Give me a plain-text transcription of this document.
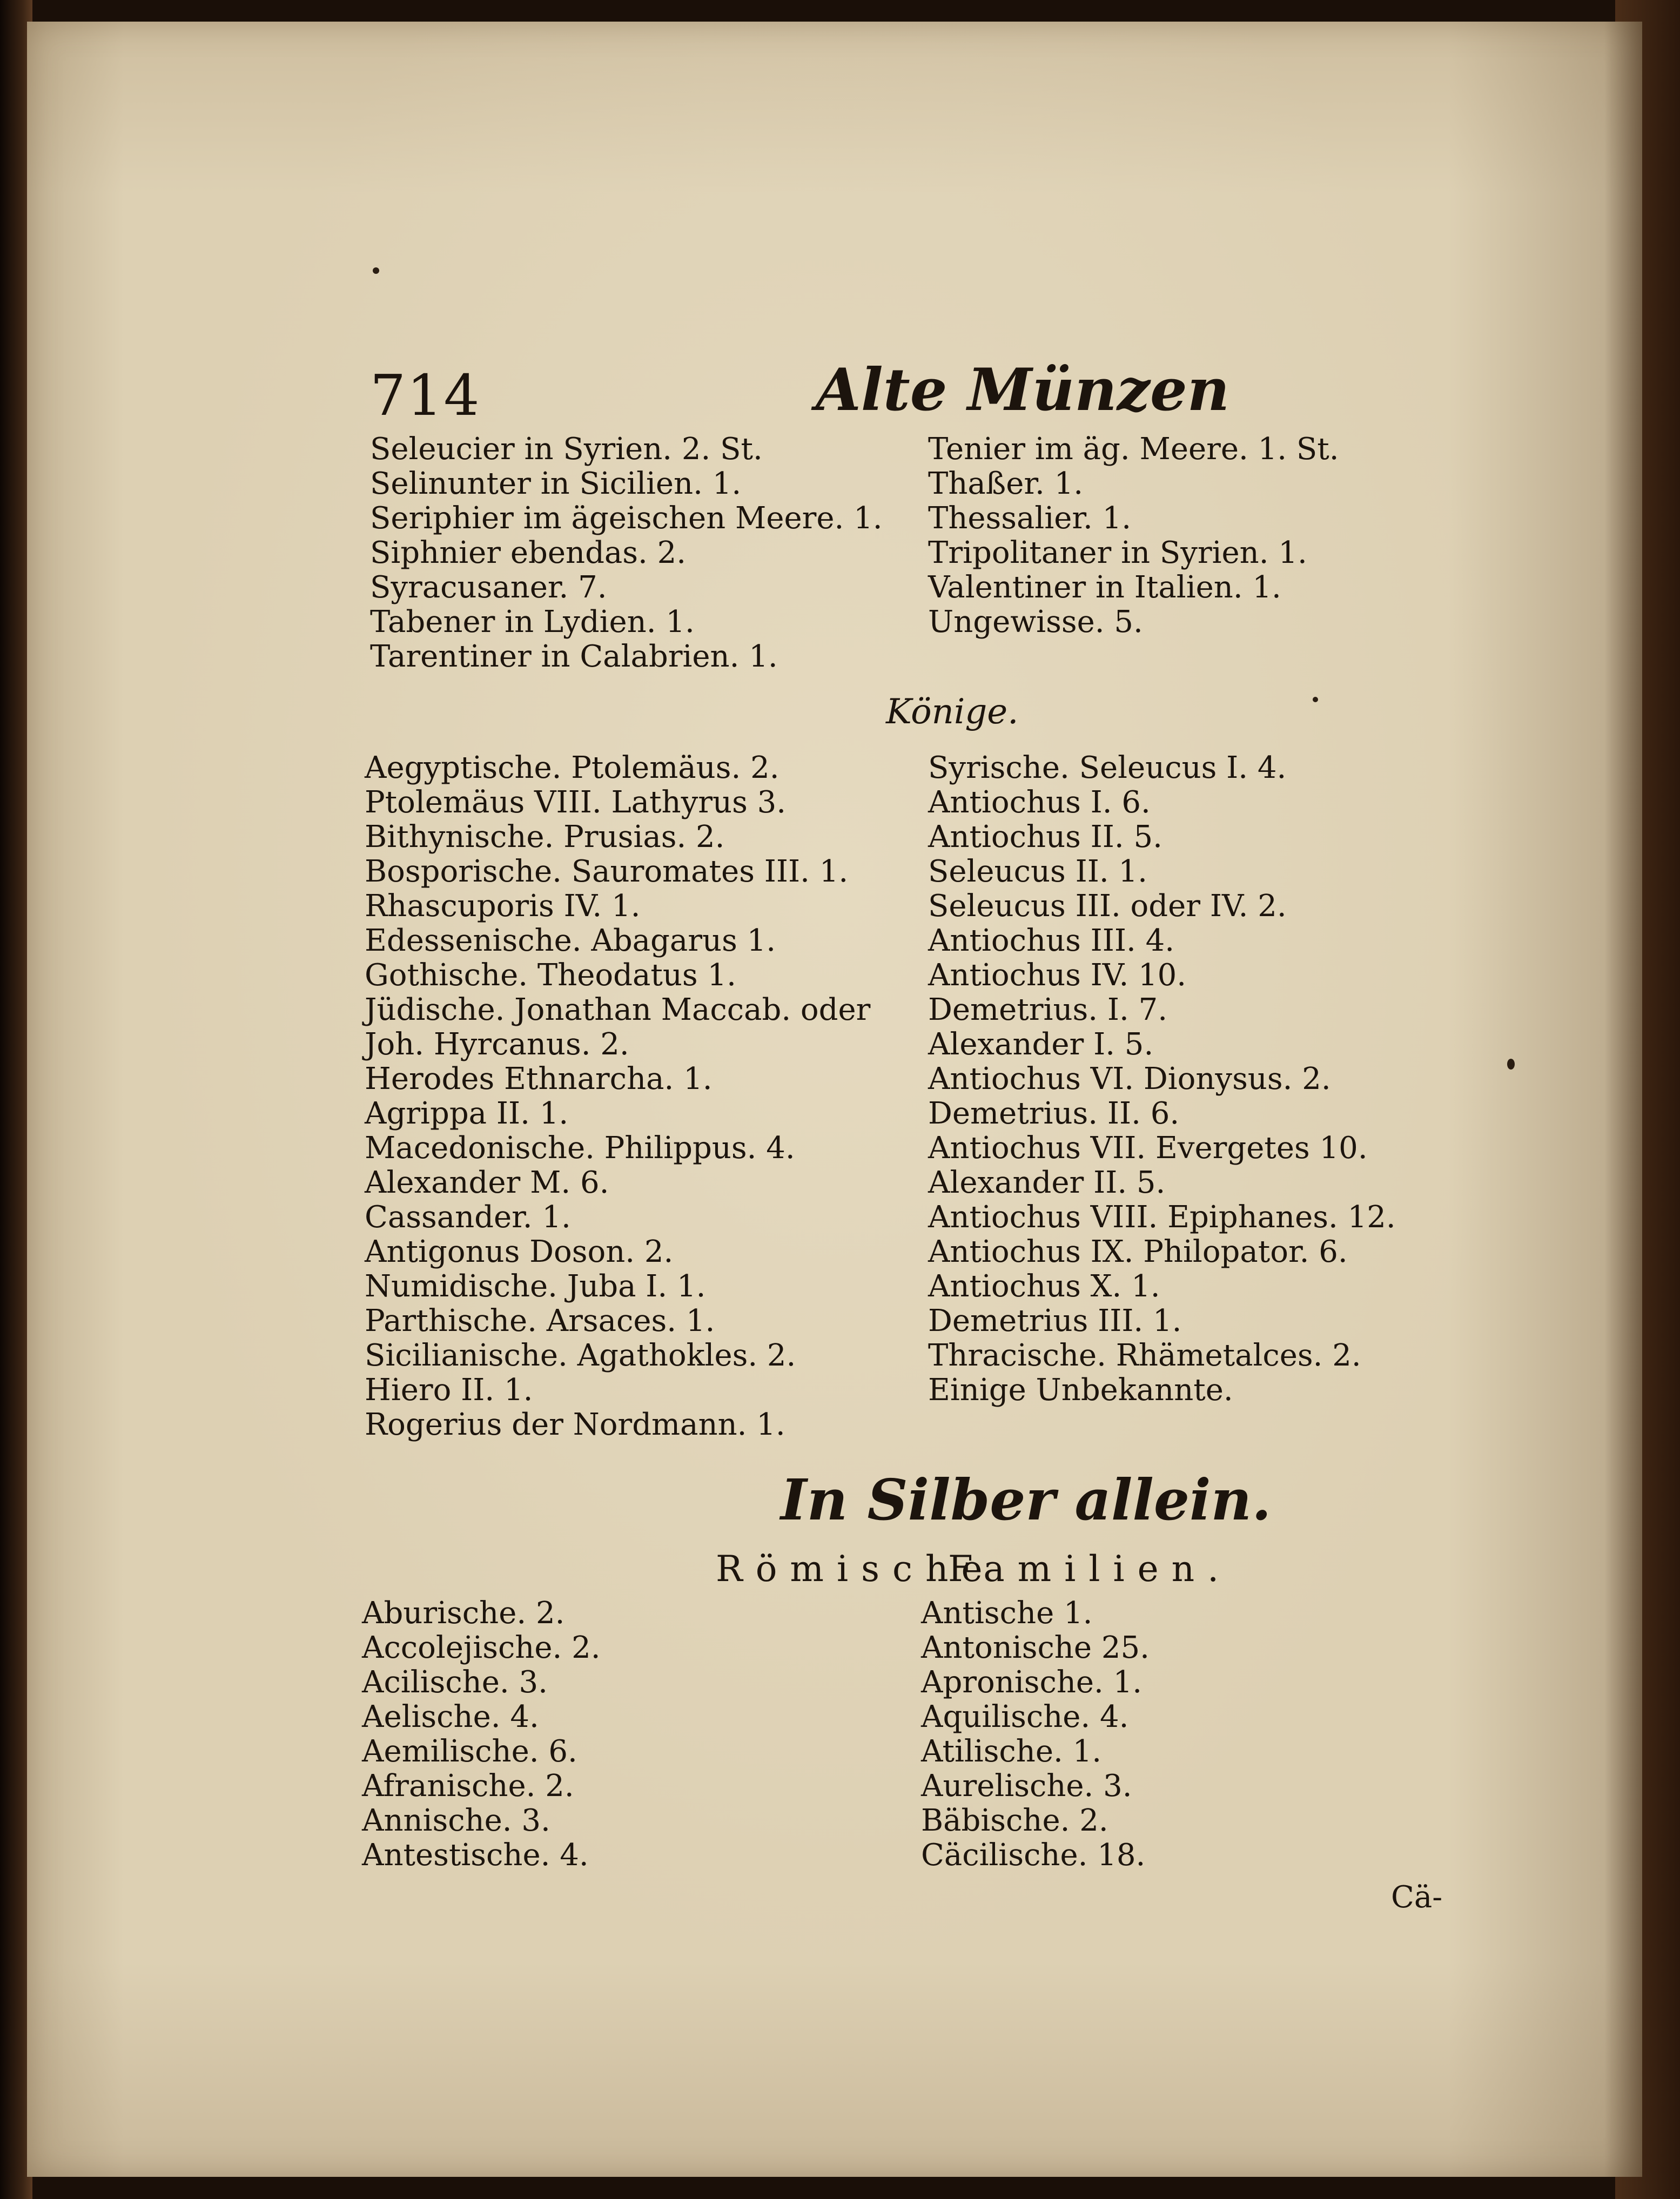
714	Alte Münzen
Seleucier in Syrien. 2. St.
Selinunter in Sicilien. 1.
Seriphier im ägeischen Meere. 1.
Siphnier ebendas. 2.
Syracusaner. 7.
Tabener in Lydien. 1.
Tarentiner in Calabrien. 1.
Tenier im äg. Meere. 1. St.
Thaßer. 1.
Thessalier. 1.
Tripolitaner in Syrien. 1.
Valentiner in Italien. 1.
Ungewisse. 5.
Könige.
Aegyptische. Ptolemäus. 2.
Ptolemäus VIII. Lathyrus 3.
Bithynische. Prusias. 2.
Bosporische. Sauromates III. 1.
Rhascuporis IV. 1.
Edessenische. Abagarus 1.
Gothische. Theodatus 1.
Jüdische. Jonathan Maccab. oder
Joh. Hyrcanus. 2.
Herodes Ethnarcha. 1.
Agrippa II. 1.
Macedonische. Philippus. 4.
Alexander M. 6.
Cassander. 1.
Antigonus Doson. 2.
Numidische. Juba I. 1.
Parthische. Arsaces. 1.
Sicilianische. Agathokles. 2.
Hiero II. 1.
Rogerius der Nordmann. 1.
Syrische. Seleucus I. 4.
Antiochus I. 6.
Antiochus II. 5.
Seleucus II. 1.
Seleucus III. oder IV. 2.
Antiochus III. 4.
Antiochus IV. 10.
Demetrius. I. 7.
Alexander I. 5.
Antiochus VI. Dionysus. 2.
Demetrius. II. 6.
Antiochus VII. Evergetes 10.
Alexander II. 5.
Antiochus VIII. Epiphanes. 12.
Antiochus IX. Philopator. 6.
Antiochus X. 1.
Demetrius III. 1.
Thracische. Rhämetalces. 2.
Einige Unbekannte.
In Silber allein.
Römische
Familien.
Aburische. 2.
Accolejische. 2.
Acilische. 3.
Aelische. 4.
Aemilische. 6.
Afranische. 2.
Annische. 3.
Antestische. 4.
Antische 1.
Antonische 25.
Apronische. 1.
Aquilische. 4.
Atilische. 1.
Aurelische. 3.
Bäbische. 2.
Cäcilische. 18.
Cä-
